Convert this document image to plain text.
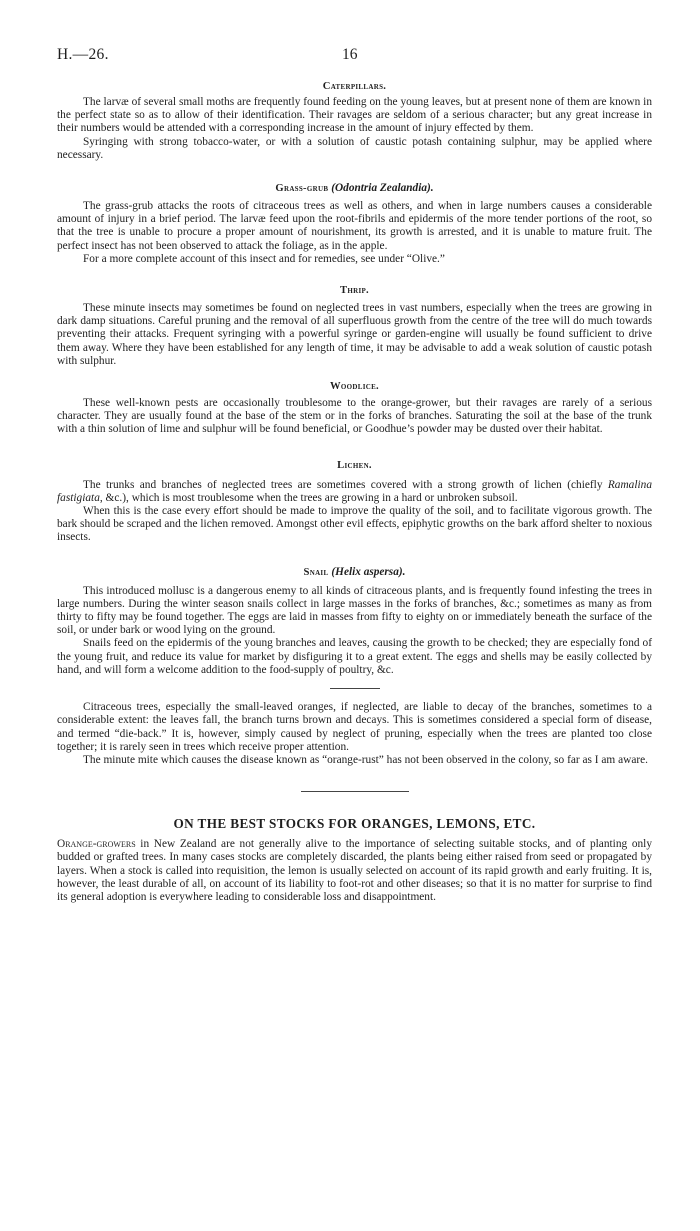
H.—26.	16
Caterpillars.

The larvæ of several small moths are frequently found feeding on the young leaves, but at present none of them are known in the perfect state so as to allow of their identification. Their ravages are seldom of a serious character; but any great increase in their numbers would be attended with a corresponding increase in the amount of injury effected by them.

Syringing with strong tobacco-water, or with a solution of caustic potash containing sulphur, may be applied where necessary.

Grass-grub (Odontria Zealandia).

The grass-grub attacks the roots of citraceous trees as well as others, and when in large numbers causes a considerable amount of injury in a brief period. The larvæ feed upon the root-fibrils and epidermis of the more tender portions of the root, so that the tree is unable to procure a proper amount of nourishment, its growth is arrested, and it is unable to mature fruit. The perfect insect has not been observed to attack the foliage, as in the apple.

For a more complete account of this insect and for remedies, see under “Olive.”

Thrip.

These minute insects may sometimes be found on neglected trees in vast numbers, especially when the trees are growing in dark damp situations. Careful pruning and the removal of all superfluous growth from the centre of the tree will do much towards preventing their attacks. Frequent syringing with a powerful syringe or garden-engine will usually be found sufficient to drive them away. Where they have been established for any length of time, it may be advisable to add a weak solution of caustic potash with sulphur.

Woodlice.

These well-known pests are occasionally troublesome to the orange-grower, but their ravages are rarely of a serious character. They are usually found at the base of the stem or in the forks of branches. Saturating the soil at the base of the trunk with a thin solution of lime and sulphur will be found beneficial, or Goodhue’s powder may be dusted over their habitat.

Lichen.

The trunks and branches of neglected trees are sometimes covered with a strong growth of lichen (chiefly Ramalina fastigiata, &c.), which is most troublesome when the trees are growing in a hard or unbroken subsoil.

When this is the case every effort should be made to improve the quality of the soil, and to facilitate vigorous growth. The bark should be scraped and the lichen removed. Amongst other evil effects, epiphytic growths on the bark afford shelter to noxious insects.

Snail (Helix aspersa).

This introduced mollusc is a dangerous enemy to all kinds of citraceous plants, and is frequently found infesting the trees in large numbers. During the winter season snails collect in large masses in the forks of branches, &c.; sometimes as many as from thirty to fifty may be found together. The eggs are laid in masses from fifty to eighty on or immediately beneath the surface of the soil, or under bark or wood lying on the ground.

Snails feed on the epidermis of the young branches and leaves, causing the growth to be checked; they are especially fond of the young fruit, and reduce its value for market by disfiguring it to a great extent. The eggs and shells may be easily collected by hand, and will form a welcome addition to the food-supply of poultry, &c.

Citraceous trees, especially the small-leaved oranges, if neglected, are liable to decay of the branches, sometimes to a considerable extent: the leaves fall, the branch turns brown and decays. This is sometimes considered a special form of disease, and termed “die-back.” It is, however, simply caused by neglect of pruning, especially when the trees are planted too close together; it is rarely seen in trees which receive proper attention.

The minute mite which causes the disease known as “orange-rust” has not been observed in the colony, so far as I am aware.

ON THE BEST STOCKS FOR ORANGES, LEMONS, ETC.

Orange-growers in New Zealand are not generally alive to the importance of selecting suitable stocks, and of planting only budded or grafted trees. In many cases stocks are completely discarded, the plants being either raised from seed or propagated by layers. When a stock is called into requisition, the lemon is usually selected on account of its rapid growth and early fruiting. It is, however, the least durable of all, on account of its liability to foot-rot and other diseases; so that it is no matter for surprise to find its general adoption is everywhere leading to considerable loss and disappointment.
